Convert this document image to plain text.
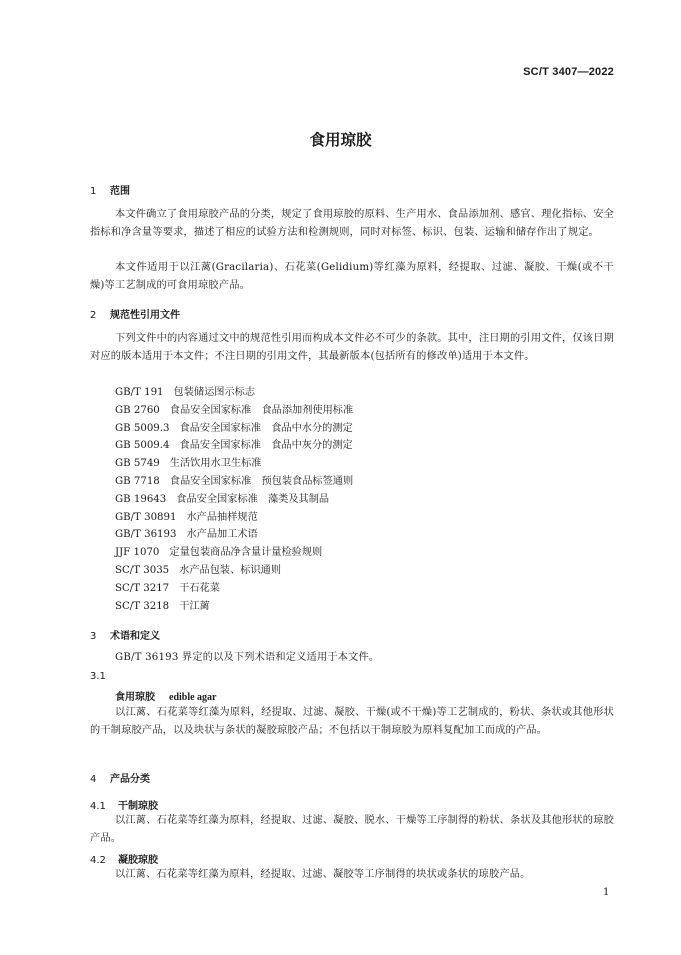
SC/T 3407—2022
食用琼胶
1 范围
本文件确立了食用琼胶产品的分类，规定了食用琼胶的原料、生产用水、食品添加剂、感官、理化指标、安全指标和净含量等要求，描述了相应的试验方法和检测规则，同时对标签、标识、包装、运输和储存作出了规定。
本文件适用于以江蓠(Gracilaria)、石花菜(Gelidium)等红藻为原料，经提取、过滤、凝胶、干燥(或不干燥)等工艺制成的可食用琼胶产品。
2 规范性引用文件
下列文件中的内容通过文中的规范性引用而构成本文件必不可少的条款。其中，注日期的引用文件，仅该日期对应的版本适用于本文件；不注日期的引用文件，其最新版本(包括所有的修改单)适用于本文件。
GB/T 191 包装储运图示标志
GB 2760 食品安全国家标准　食品添加剂使用标准
GB 5009.3 食品安全国家标准　食品中水分的测定
GB 5009.4 食品安全国家标准　食品中灰分的测定
GB 5749 生活饮用水卫生标准
GB 7718 食品安全国家标准　预包装食品标签通则
GB 19643 食品安全国家标准　藻类及其制品
GB/T 30891 水产品抽样规范
GB/T 36193 水产品加工术语
JJF 1070 定量包装商品净含量计量检验规则
SC/T 3035 水产品包装、标识通则
SC/T 3217 干石花菜
SC/T 3218 干江蓠
3 术语和定义
GB/T 36193 界定的以及下列术语和定义适用于本文件。
3.1
食用琼胶 edible agar
以江蓠、石花菜等红藻为原料，经提取、过滤、凝胶、干燥(或不干燥)等工艺制成的，粉状、条状或其他形状的干制琼胶产品，以及块状与条状的凝胶琼胶产品；不包括以干制琼胶为原料复配加工而成的产品。
4 产品分类
4.1 干制琼胶
以江蓠、石花菜等红藻为原料，经提取、过滤、凝胶、脱水、干燥等工序制得的粉状、条状及其他形状的琼胶产品。
4.2 凝胶琼胶
以江蓠、石花菜等红藻为原料，经提取、过滤、凝胶等工序制得的块状或条状的琼胶产品。
1
